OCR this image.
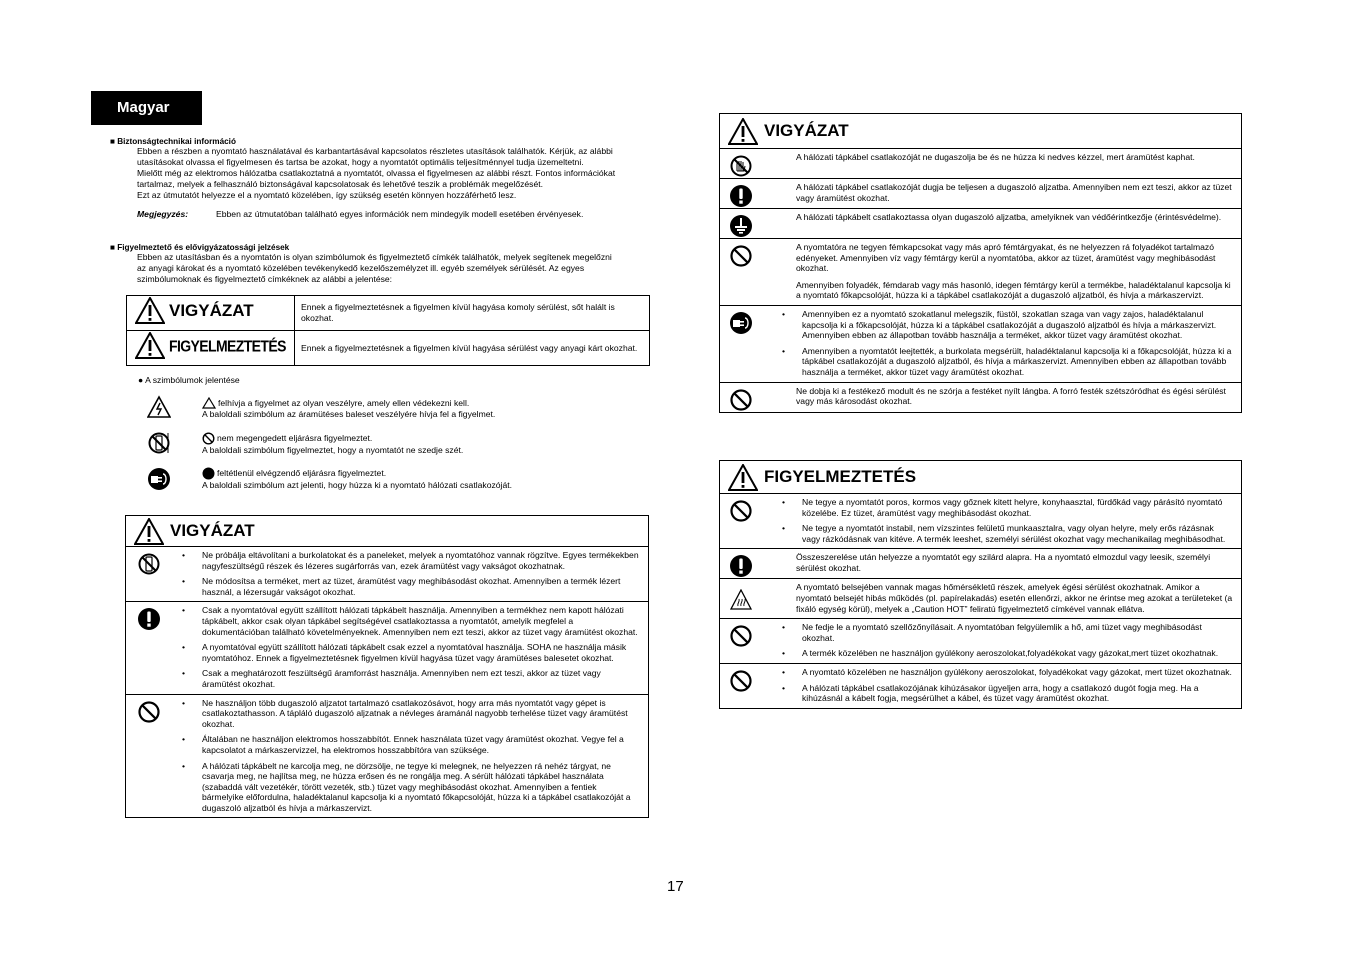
Magyar
■ Biztonságtechnikai információ
Ebben a részben a nyomtató használatával és karbantartásával kapcsolatos részletes utasítások találhatók. Kérjük, az alábbi
utasításokat olvassa el figyelmesen és tartsa be azokat, hogy a nyomtatót optimális teljesítménnyel tudja üzemeltetni.
Mielőtt még az elektromos hálózatba csatlakoztatná a nyomtatót, olvassa el figyelmesen az alábbi részt. Fontos információkat
tartalmaz, melyek a felhasználó biztonságával kapcsolatosak és lehetővé teszik a problémák megelőzését.
Ezt az útmutatót helyezze el a nyomtató közelében, így szükség esetén könnyen hozzáférhető lesz.
Megjegyzés:	Ebben az útmutatóban található egyes információk nem mindegyik modell esetében érvényesek.
■ Figyelmeztető és elővigyázatossági jelzések
Ebben az utasításban és a nyomtatón is olyan szimbólumok és figyelmeztető címkék találhatók, melyek segítenek megelőzni
az anyagi károkat és a nyomtató közelében tevékenykedő kezelőszemélyzet ill. egyéb személyek sérülését. Az egyes
szimbólumoknak és figyelmeztető címkéknek az alábbi a jelentése:
VIGYÁZAT	Ennek a figyelmeztetésnek a figyelmen kívül hagyása komoly sérülést, sőt halált is okozhat.

FIGYELMEZTETÉS	Ennek a figyelmeztetésnek a figyelmen kívül hagyása sérülést vagy anyagi kárt okozhat.
● A szimbólumok jelentése
felhívja a figyelmet az olyan veszélyre, amely ellen védekezni kell.
A baloldali szimbólum az áramütéses baleset veszélyére hívja fel a figyelmet.
nem megengedett eljárásra figyelmeztet.
A baloldali szimbólum figyelmeztet, hogy a nyomtatót ne szedje szét.
feltétlenül elvégzendő eljárásra figyelmeztet.
A baloldali szimbólum azt jelenti, hogy húzza ki a nyomtató hálózati csatlakozóját.
VIGYÁZAT
• Ne próbálja eltávolítani a burkolatokat és a paneleket, melyek a nyomtatóhoz vannak rögzítve. Egyes termékekben nagyfeszültségű részek és lézeres sugárforrás van, ezek áramütést vagy vakságot okozhatnak.
• Ne módosítsa a terméket, mert az tüzet, áramütést vagy meghibásodást okozhat. Amennyiben a termék lézert használ, a lézersugár vakságot okozhat.
• Csak a nyomtatóval együtt szállított hálózati tápkábelt használja. Amennyiben a termékhez nem kapott hálózati tápkábelt, akkor csak olyan tápkábel segítségével csatlakoztassa a nyomtatót, amelyik megfelel a dokumentációban található követelményeknek. Amennyiben nem ezt teszi, akkor az tüzet vagy áramütést okozhat.
• A nyomtatóval együtt szállított hálózati tápkábelt csak ezzel a nyomtatóval használja. SOHA ne használja másik nyomtatóhoz. Ennek a figyelmeztetésnek figyelmen kívül hagyása tüzet vagy áramütéses balesetet okozhat.
• Csak a meghatározott feszültségű áramforrást használja. Amennyiben nem ezt teszi, akkor az tüzet vagy áramütést okozhat.
• Ne használjon több dugaszoló aljzatot tartalmazó csatlakozósávot, hogy arra más nyomtatót vagy gépet is csatlakoztathasson. A tápláló dugaszoló aljzatnak a névleges áramánál nagyobb terhelése tüzet vagy áramütést okozhat.
• Általában ne használjon elektromos hosszabbítót. Ennek használata tüzet vagy áramütést okozhat. Vegye fel a kapcsolatot a márkaszervizzel, ha elektromos hosszabbítóra van szüksége.
• A hálózati tápkábelt ne karcolja meg, ne dörzsölje, ne tegye ki melegnek, ne helyezzen rá nehéz tárgyat, ne csavarja meg, ne hajlítsa meg, ne húzza erősen és ne rongálja meg. A sérült hálózati tápkábel használata (szabaddá vált vezetékér, törött vezeték, stb.) tüzet vagy meghibásodást okozhat. Amennyiben a fentiek bármelyike előfordulna, haladéktalanul kapcsolja ki a nyomtató főkapcsolóját, húzza ki a tápkábel csatlakozóját a dugaszoló aljzatból és hívja a márkaszervizt.
VIGYÁZAT
A hálózati tápkábel csatlakozóját ne dugaszolja be és ne húzza ki nedves kézzel, mert áramütést kaphat.
A hálózati tápkábel csatlakozóját dugja be teljesen a dugaszoló aljzatba. Amennyiben nem ezt teszi, akkor az tüzet vagy áramütést okozhat.
A hálózati tápkábelt csatlakoztassa olyan dugaszoló aljzatba, amelyiknek van védőérintkezője (érintésvédelme).
A nyomtatóra ne tegyen fémkapcsokat vagy más apró fémtárgyakat, és ne helyezzen rá folyadékot tartalmazó edényeket. Amennyiben víz vagy fémtárgy kerül a nyomtatóba, akkor az tüzet, áramütést vagy meghibásodást okozhat.
Amennyiben folyadék, fémdarab vagy más hasonló, idegen fémtárgy kerül a termékbe, haladéktalanul kapcsolja ki a nyomtató főkapcsolóját, húzza ki a tápkábel csatlakozóját a dugaszoló aljzatból, és hívja a márkaszervizt.
• Amennyiben ez a nyomtató szokatlanul melegszik, füstöl, szokatlan szaga van vagy zajos, haladéktalanul kapcsolja ki a főkapcsolóját, húzza ki a tápkábel csatlakozóját a dugaszoló aljzatból és hívja a márkaszervizt. Amennyiben ebben az állapotban tovább használja a terméket, akkor tüzet vagy áramütést okozhat.
• Amennyiben a nyomtatót leejtették, a burkolata megsérült, haladéktalanul kapcsolja ki a főkapcsolóját, húzza ki a tápkábel csatlakozóját a dugaszoló aljzatból, és hívja a márkaszervizt. Amennyiben ebben az állapotban tovább használja a terméket, akkor tüzet vagy áramütést okozhat.
Ne dobja ki a festékező modult és ne szórja a festéket nyílt lángba. A forró festék szétszóródhat és égési sérülést vagy más károsodást okozhat.
FIGYELMEZTETÉS
• Ne tegye a nyomtatót poros, kormos vagy gőznek kitett helyre, konyhaasztal, fürdőkád vagy párásító nyomtató közelébe. Ez tüzet, áramütést vagy meghibásodást okozhat.
• Ne tegye a nyomtatót instabil, nem vízszintes felületű munkaasztalra, vagy olyan helyre, mely erős rázásnak vagy rázkódásnak van kitéve. A termék leeshet, személyi sérülést okozhat vagy mechanikailag meghibásodhat.
Összeszerelése után helyezze a nyomtatót egy szilárd alapra. Ha a nyomtató elmozdul vagy leesik, személyi sérülést okozhat.
A nyomtató belsejében vannak magas hőmérsékletű részek, amelyek égési sérülést okozhatnak. Amikor a nyomtató belsejét hibás működés (pl. papírelakadás) esetén ellenőrzi, akkor ne érintse meg azokat a területeket (a fixáló egység körül), melyek a „Caution HOT” feliratú figyelmeztető címkével vannak ellátva.
• Ne fedje le a nyomtató szellőzőnyílásait. A nyomtatóban felgyülemlik a hő, ami tüzet vagy meghibásodást okozhat.
• A termék közelében ne használjon gyúlékony aeroszolokat,folyadékokat vagy gázokat,mert tüzet okozhatnak.
• A nyomtató közelében ne használjon gyúlékony aeroszolokat, folyadékokat vagy gázokat, mert tüzet okozhatnak.
• A hálózati tápkábel csatlakozójának kihúzásakor ügyeljen arra, hogy a csatlakozó dugót fogja meg. Ha a kihúzásnál a kábelt fogja, megsérülhet a kábel, és tüzet vagy áramütést okozhat.
17
